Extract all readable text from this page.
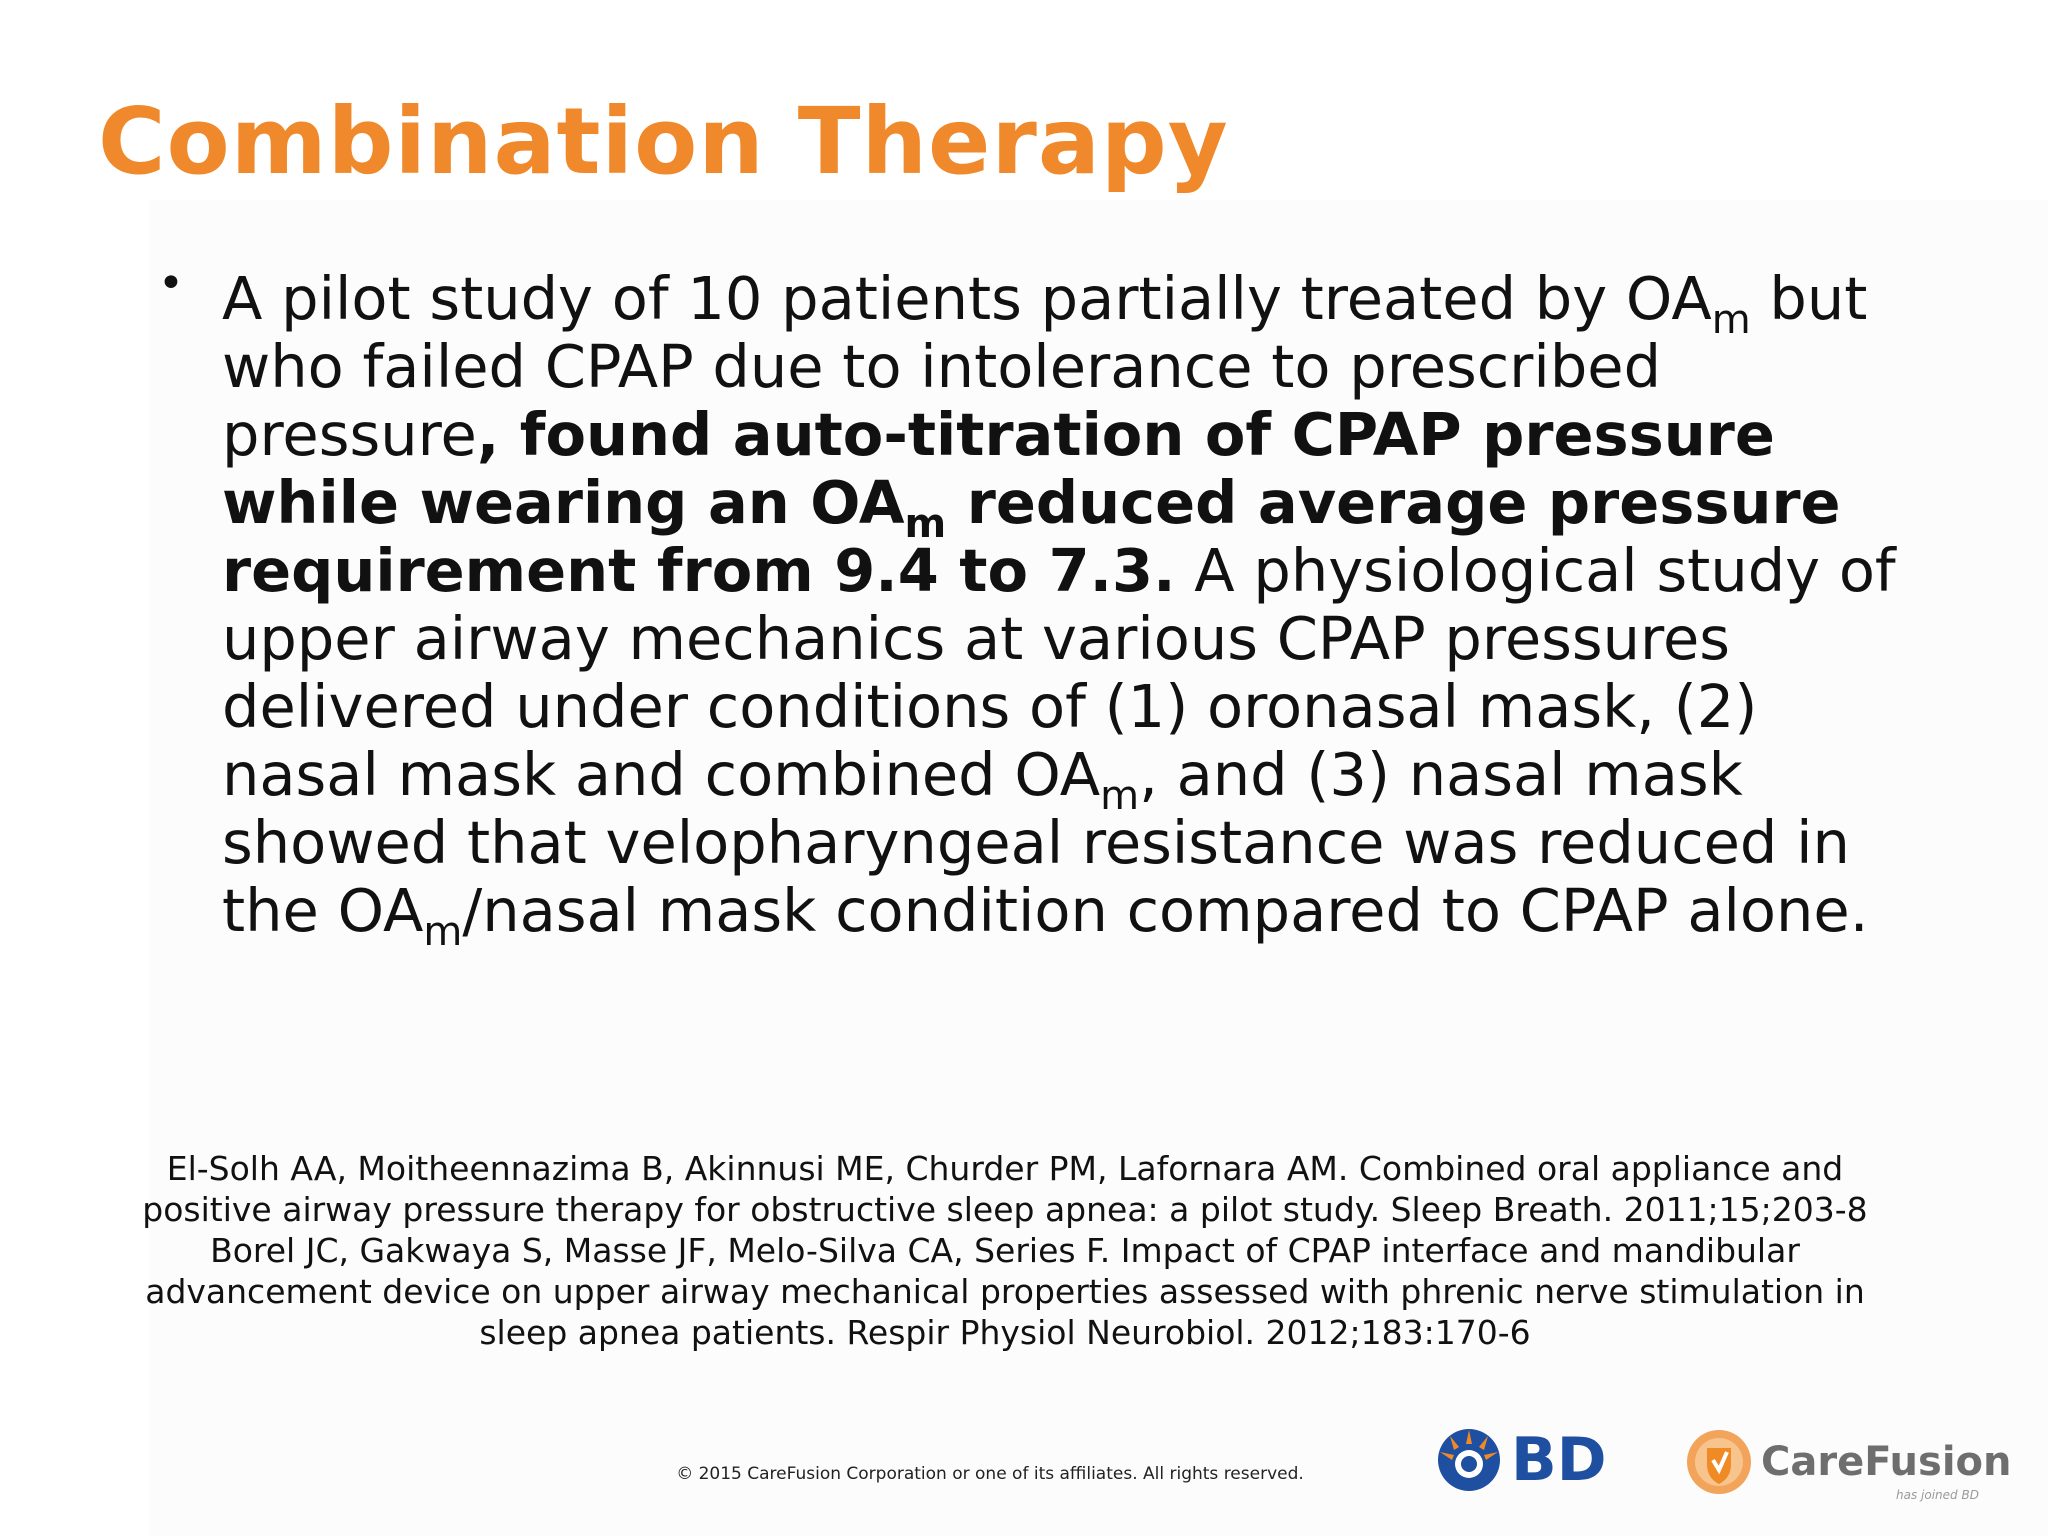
Combination Therapy
• A pilot study of 10 patients partially treated by $OA_m$ but who failed CPAP due to intolerance to prescribed pressure, found auto-titration of CPAP pressure while wearing an $OA_m$ reduced average pressure requirement from 9.4 to 7.3. A physiological study of upper airway mechanics at various CPAP pressures delivered under conditions of (1) oronasal mask, (2) nasal mask and combined $OA_m$, and (3) nasal mask showed that velopharyngeal resistance was reduced in the $OA_m$/nasal mask condition compared to CPAP alone.

El-Solh AA, Moitheennazima B, Akinnusi ME, Churder PM, Lafornara AM. Combined oral appliance and positive airway pressure therapy for obstructive sleep apnea: a pilot study. Sleep Breath. 2011;15;203-8

Borel JC, Gakwaya S, Masse JF, Melo-Silva CA, Series F. Impact of CPAP interface and mandibular advancement device on upper airway mechanical properties assessed with phrenic nerve stimulation in sleep apnea patients. Respir Physiol Neurobiol. 2012;183:170-6

© 2015 CareFusion Corporation or one of its affiliates. All rights reserved.	BD	CareFusion
has joined BD
